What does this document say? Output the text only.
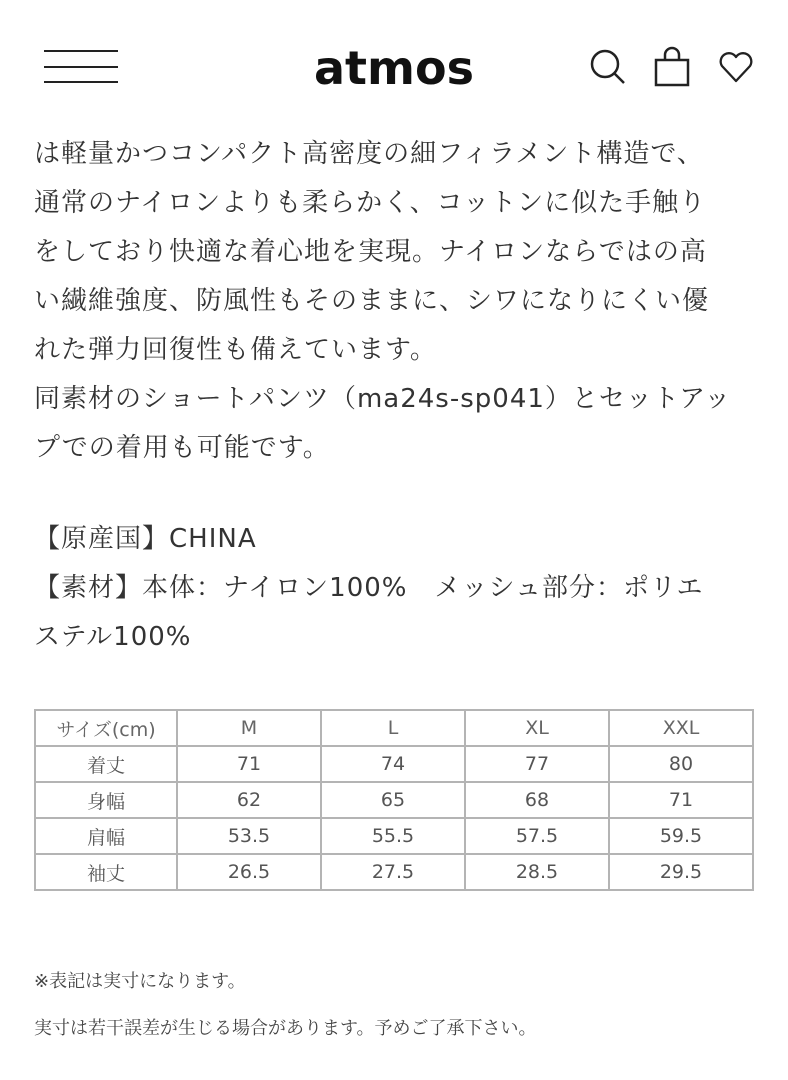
atmos

は軽量かつコンパクト高密度の細フィラメント構造で、

通常のナイロンよりも柔らかく、コットンに似た手触り

をしており快適な着心地を実現。ナイロンならではの高

い繊維強度、防風性もそのままに、シワになりにくい優

れた弾力回復性も備えています。

同素材のショートパンツ（ma24s-sp041）とセットアッ

プでの着用も可能です。

【原産国】CHINA

【素材】本体：ナイロン100%　メッシュ部分：ポリエ

ステル100%

サイズ(cm)	M	L	XL	XXL
着丈	71	74	77	80
身幅	62	65	68	71
肩幅	53.5	55.5	57.5	59.5
袖丈	26.5	27.5	28.5	29.5

※表記は実寸になります。

実寸は若干誤差が生じる場合があります。予めご了承下さい。
